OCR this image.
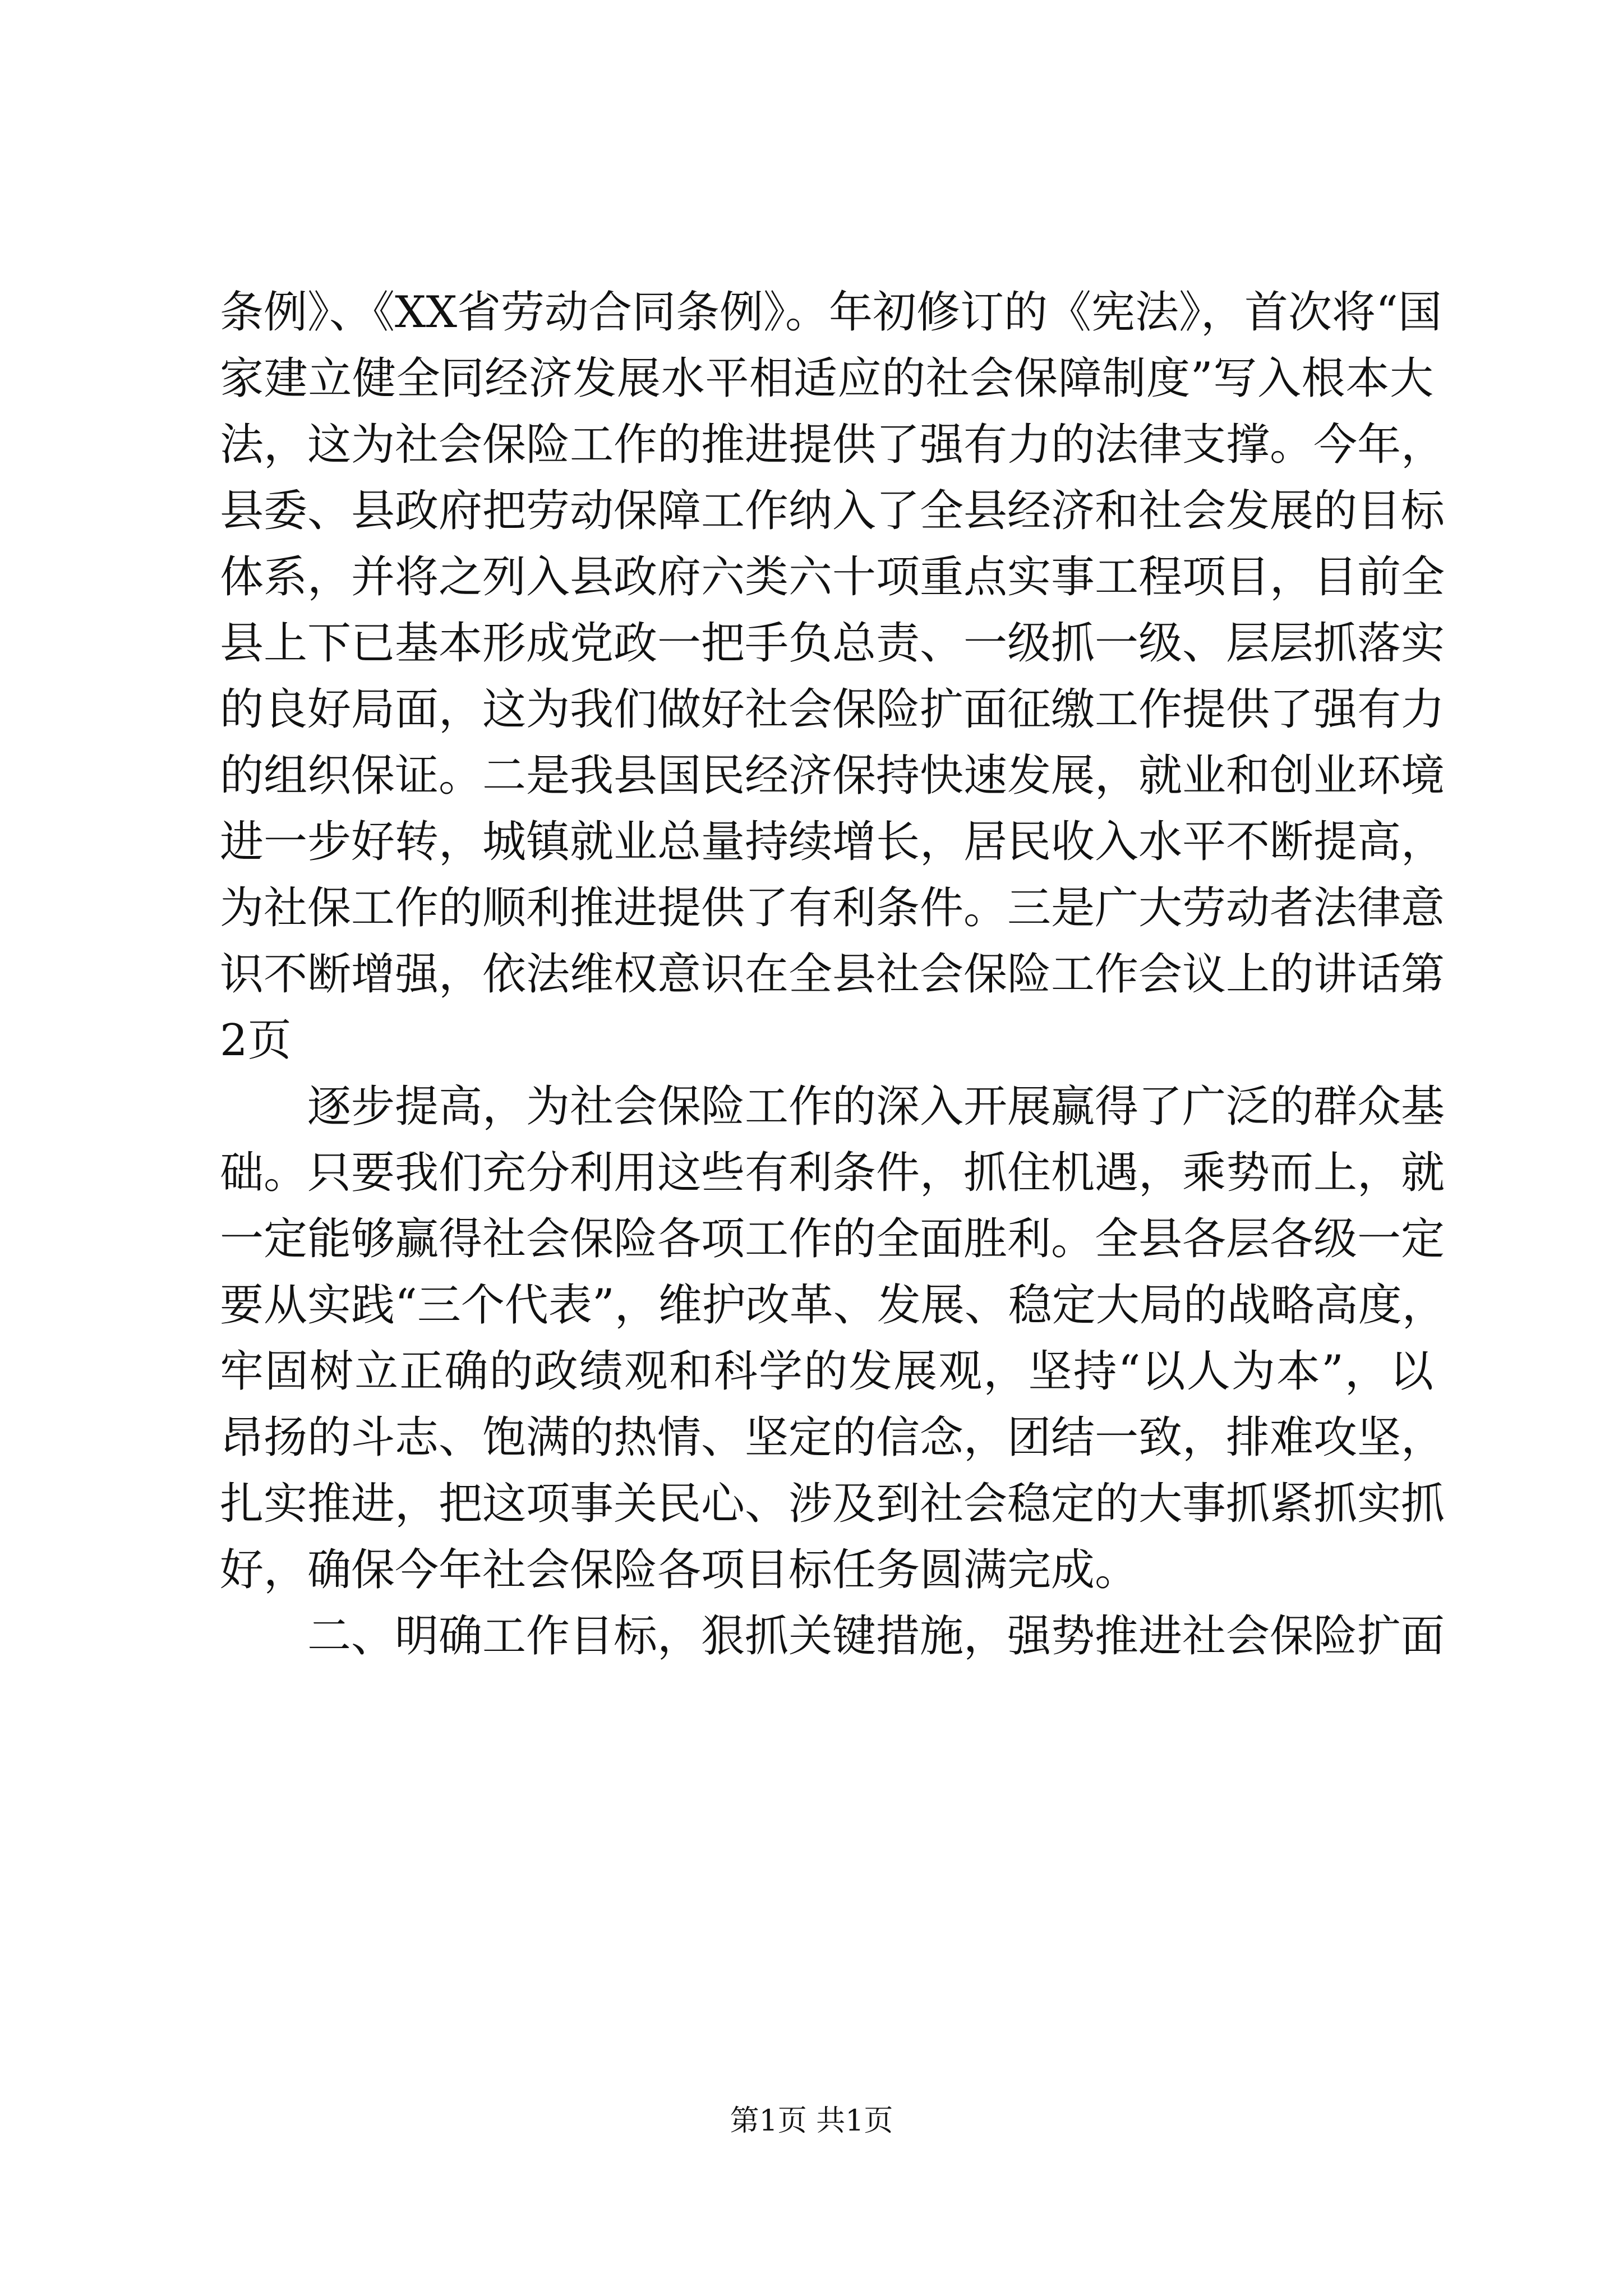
条例》、《XX省劳动合同条例》。年初修订的《宪法》，首次将“国
家建立健全同经济发展水平相适应的社会保障制度”写入根本大
法，这为社会保险工作的推进提供了强有力的法律支撑。今年，
县委、县政府把劳动保障工作纳入了全县经济和社会发展的目标
体系，并将之列入县政府六类六十项重点实事工程项目，目前全
县上下已基本形成党政一把手负总责、一级抓一级、层层抓落实
的良好局面，这为我们做好社会保险扩面征缴工作提供了强有力
的组织保证。二是我县国民经济保持快速发展，就业和创业环境
进一步好转，城镇就业总量持续增长，居民收入水平不断提高，
为社保工作的顺利推进提供了有利条件。三是广大劳动者法律意
识不断增强，依法维权意识在全县社会保险工作会议上的讲话第
2页
逐步提高，为社会保险工作的深入开展赢得了广泛的群众基
础。只要我们充分利用这些有利条件，抓住机遇，乘势而上，就
一定能够赢得社会保险各项工作的全面胜利。全县各层各级一定
要从实践“三个代表”，维护改革、发展、稳定大局的战略高度，
牢固树立正确的政绩观和科学的发展观，坚持“以人为本”，以
昂扬的斗志、饱满的热情、坚定的信念，团结一致，排难攻坚，
扎实推进，把这项事关民心、涉及到社会稳定的大事抓紧抓实抓
好，确保今年社会保险各项目标任务圆满完成。
二、明确工作目标，狠抓关键措施，强势推进社会保险扩面
第1页 共1页
